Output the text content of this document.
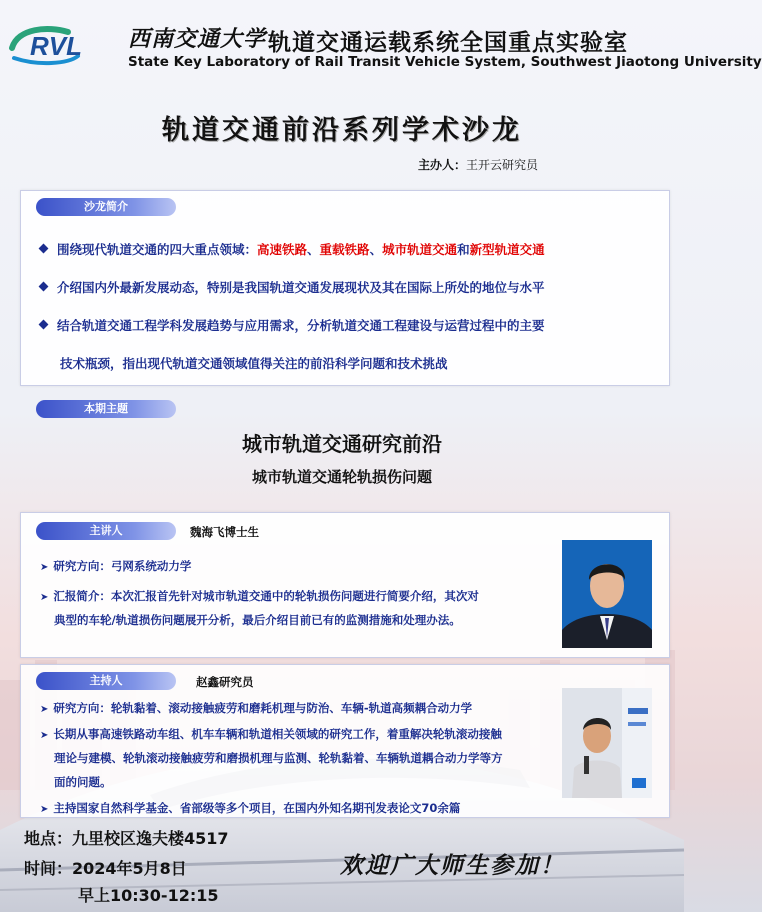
RVL 西南交通大学 轨道交通运载系统全国重点实验室
State Key Laboratory of Rail Transit Vehicle System, Southwest Jiaotong University
轨道交通前沿系列学术沙龙
主办人：王开云研究员
沙龙简介
围绕现代轨道交通的四大重点领域：高速铁路、重载铁路、城市轨道交通和新型轨道交通
介绍国内外最新发展动态，特别是我国轨道交通发展现状及其在国际上所处的地位与水平
结合轨道交通工程学科发展趋势与应用需求，分析轨道交通工程建设与运营过程中的主要
技术瓶颈，指出现代轨道交通领域值得关注的前沿科学问题和技术挑战
本期主题
城市轨道交通研究前沿
城市轨道交通轮轨损伤问题
主讲人	魏海飞博士生
➤ 研究方向：弓网系统动力学
➤ 汇报简介：本次汇报首先针对城市轨道交通中的轮轨损伤问题进行简要介绍，其次对
典型的车轮/轨道损伤问题展开分析，最后介绍目前已有的监测措施和处理办法。
主持人	赵鑫研究员
➤ 研究方向：轮轨黏着、滚动接触疲劳和磨耗机理与防治、车辆-轨道高频耦合动力学
➤ 长期从事高速铁路动车组、机车车辆和轨道相关领域的研究工作，着重解决轮轨滚动接触
理论与建模、轮轨滚动接触疲劳和磨损机理与监测、轮轨黏着、车辆轨道耦合动力学等方
面的问题。
➤ 主持国家自然科学基金、省部级等多个项目，在国内外知名期刊发表论文70余篇
地点：九里校区逸夫楼4517
时间：2024年5月8日
早上10:30-12:15
欢迎广大师生参加！
